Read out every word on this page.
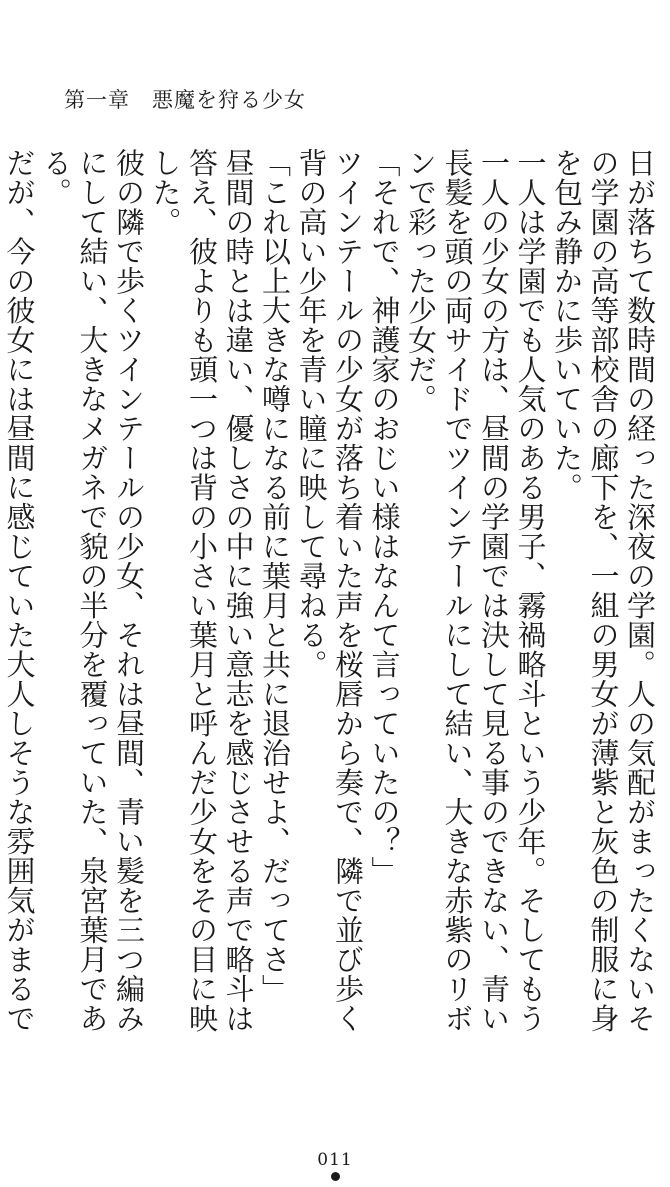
第一章　悪魔を狩る少女

日が落ちて数時間の経った深夜の学園。人の気配がまったくないその学園の高等部校舎の廊下を、一組の男女が薄紫と灰色の制服に身を包み静かに歩いていた。

一人は学園でも人気のある男子、霧禍略斗という少年。そしてもう一人の少女の方は、昼間の学園では決して見る事のできない、青い長髪を頭の両サイドでツインテールにして結い、大きな赤紫のリボンで彩った少女だ。

「それで、神護家のおじい様はなんて言っていたの？」

ツインテールの少女が落ち着いた声を桜唇から奏で、隣で並び歩く背の高い少年を青い瞳に映して尋ねる。

「これ以上大きな噂になる前に葉月と共に退治せよ、だってさ」

昼間の時とは違い、優しさの中に強い意志を感じさせる声で略斗は答え、彼よりも頭一つは背の小さい葉月と呼んだ少女をその目に映した。

彼の隣で歩くツインテールの少女、それは昼間、青い髪を三つ編みにして結い、大きなメガネで貌の半分を覆っていた、泉宮葉月である。

だが、今の彼女には昼間に感じていた大人しそうな雰囲気がまるで

011
